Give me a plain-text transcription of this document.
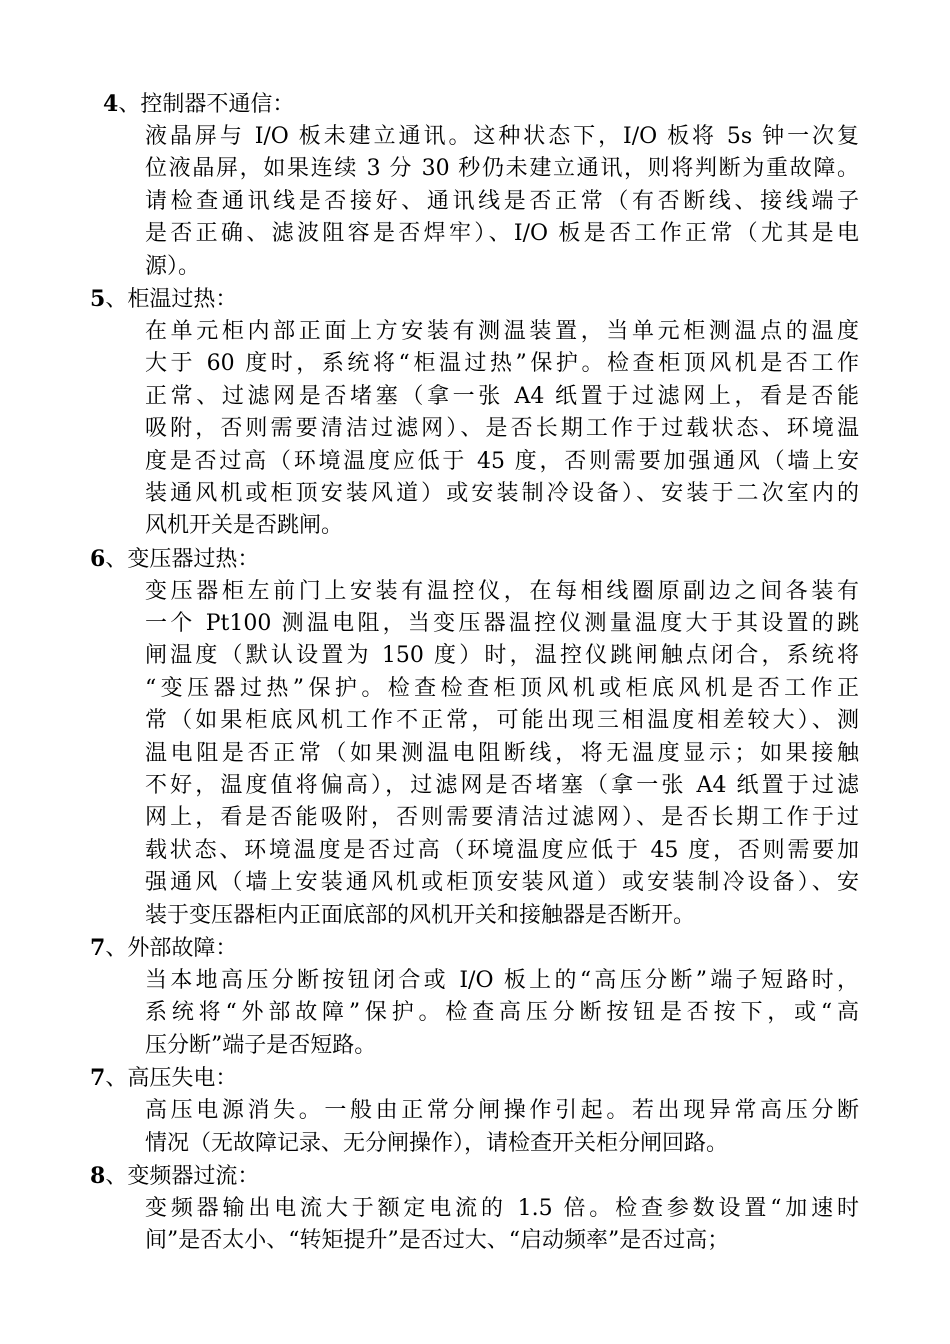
4、控制器不通信：
液晶屏与 I/O 板未建立通讯。这种状态下，I/O 板将 5s 钟一次复
位液晶屏，如果连续 3 分 30 秒仍未建立通讯，则将判断为重故障。
请检查通讯线是否接好、通讯线是否正常（有否断线、接线端子
是否正确、滤波阻容是否焊牢）、I/O 板是否工作正常（尤其是电
源）。
5、柜温过热：
在单元柜内部正面上方安装有测温装置，当单元柜测温点的温度
大于 60 度时，系统将“柜温过热”保护。检查柜顶风机是否工作
正常、过滤网是否堵塞（拿一张 A4 纸置于过滤网上，看是否能
吸附，否则需要清洁过滤网）、是否长期工作于过载状态、环境温
度是否过高（环境温度应低于 45 度，否则需要加强通风（墙上安
装通风机或柜顶安装风道）或安装制冷设备）、安装于二次室内的
风机开关是否跳闸。
6、变压器过热：
变压器柜左前门上安装有温控仪，在每相线圈原副边之间各装有
一个 Pt100 测温电阻，当变压器温控仪测量温度大于其设置的跳
闸温度（默认设置为 150 度）时，温控仪跳闸触点闭合，系统将
“变压器过热”保护。检查检查柜顶风机或柜底风机是否工作正
常（如果柜底风机工作不正常，可能出现三相温度相差较大）、测
温电阻是否正常（如果测温电阻断线，将无温度显示；如果接触
不好，温度值将偏高），过滤网是否堵塞（拿一张 A4 纸置于过滤
网上，看是否能吸附，否则需要清洁过滤网）、是否长期工作于过
载状态、环境温度是否过高（环境温度应低于 45 度，否则需要加
强通风（墙上安装通风机或柜顶安装风道）或安装制冷设备）、安
装于变压器柜内正面底部的风机开关和接触器是否断开。
7、外部故障：
当本地高压分断按钮闭合或 I/O 板上的“高压分断”端子短路时，
系统将“外部故障”保护。检查高压分断按钮是否按下，或“高
压分断”端子是否短路。
7、高压失电：
高压电源消失。一般由正常分闸操作引起。若出现异常高压分断
情况（无故障记录、无分闸操作），请检查开关柜分闸回路。
8、变频器过流：
变频器输出电流大于额定电流的 1.5 倍。检查参数设置“加速时
间”是否太小、“转矩提升”是否过大、“启动频率”是否过高；
